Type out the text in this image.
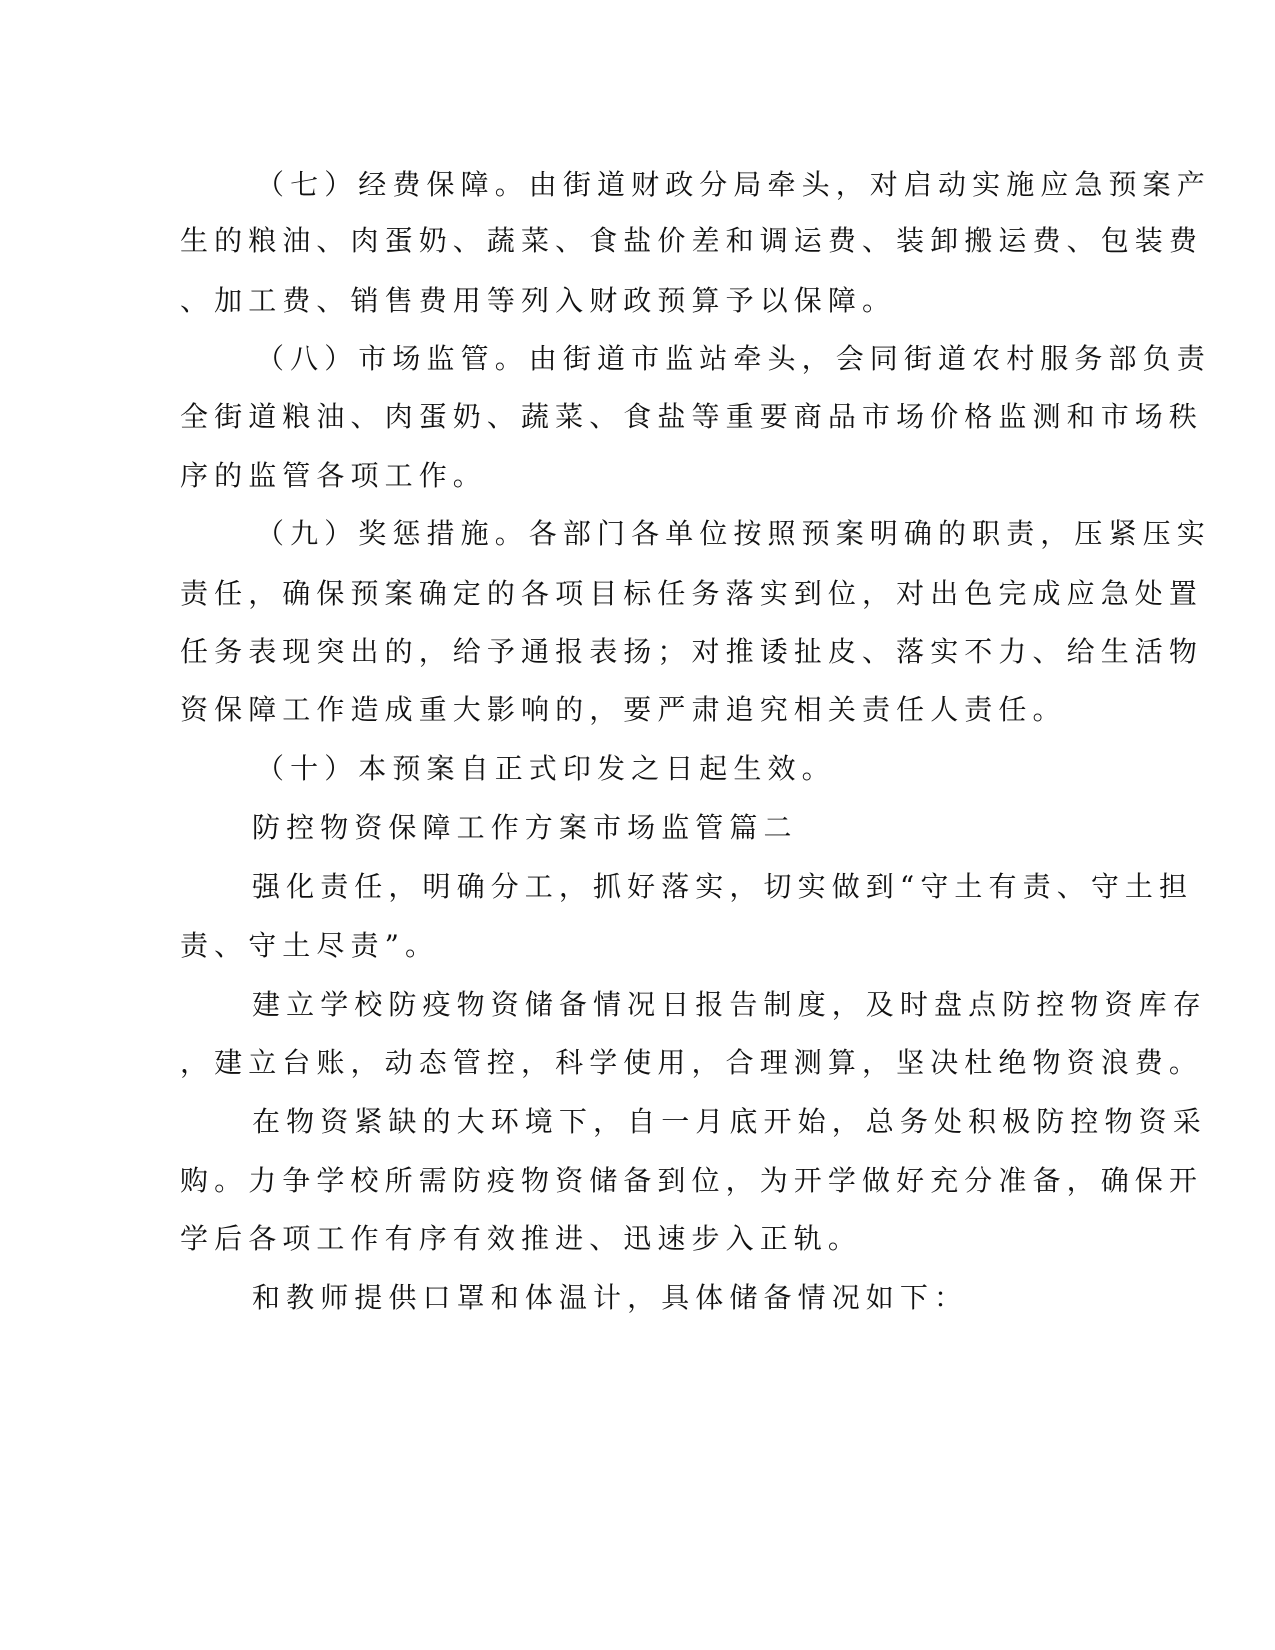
（七）经费保障。由街道财政分局牵头，对启动实施应急预案产
生的粮油、肉蛋奶、蔬菜、食盐价差和调运费、装卸搬运费、包装费
、加工费、销售费用等列入财政预算予以保障。
（八）市场监管。由街道市监站牵头，会同街道农村服务部负责
全街道粮油、肉蛋奶、蔬菜、食盐等重要商品市场价格监测和市场秩
序的监管各项工作。
（九）奖惩措施。各部门各单位按照预案明确的职责，压紧压实
责任，确保预案确定的各项目标任务落实到位，对出色完成应急处置
任务表现突出的，给予通报表扬；对推诿扯皮、落实不力、给生活物
资保障工作造成重大影响的，要严肃追究相关责任人责任。
（十）本预案自正式印发之日起生效。
防控物资保障工作方案市场监管篇二
强化责任，明确分工，抓好落实，切实做到“守土有责、守土担
责、守土尽责”。
建立学校防疫物资储备情况日报告制度，及时盘点防控物资库存
，建立台账，动态管控，科学使用，合理测算，坚决杜绝物资浪费。
在物资紧缺的大环境下，自一月底开始，总务处积极防控物资采
购。力争学校所需防疫物资储备到位，为开学做好充分准备，确保开
学后各项工作有序有效推进、迅速步入正轨。
和教师提供口罩和体温计，具体储备情况如下：
